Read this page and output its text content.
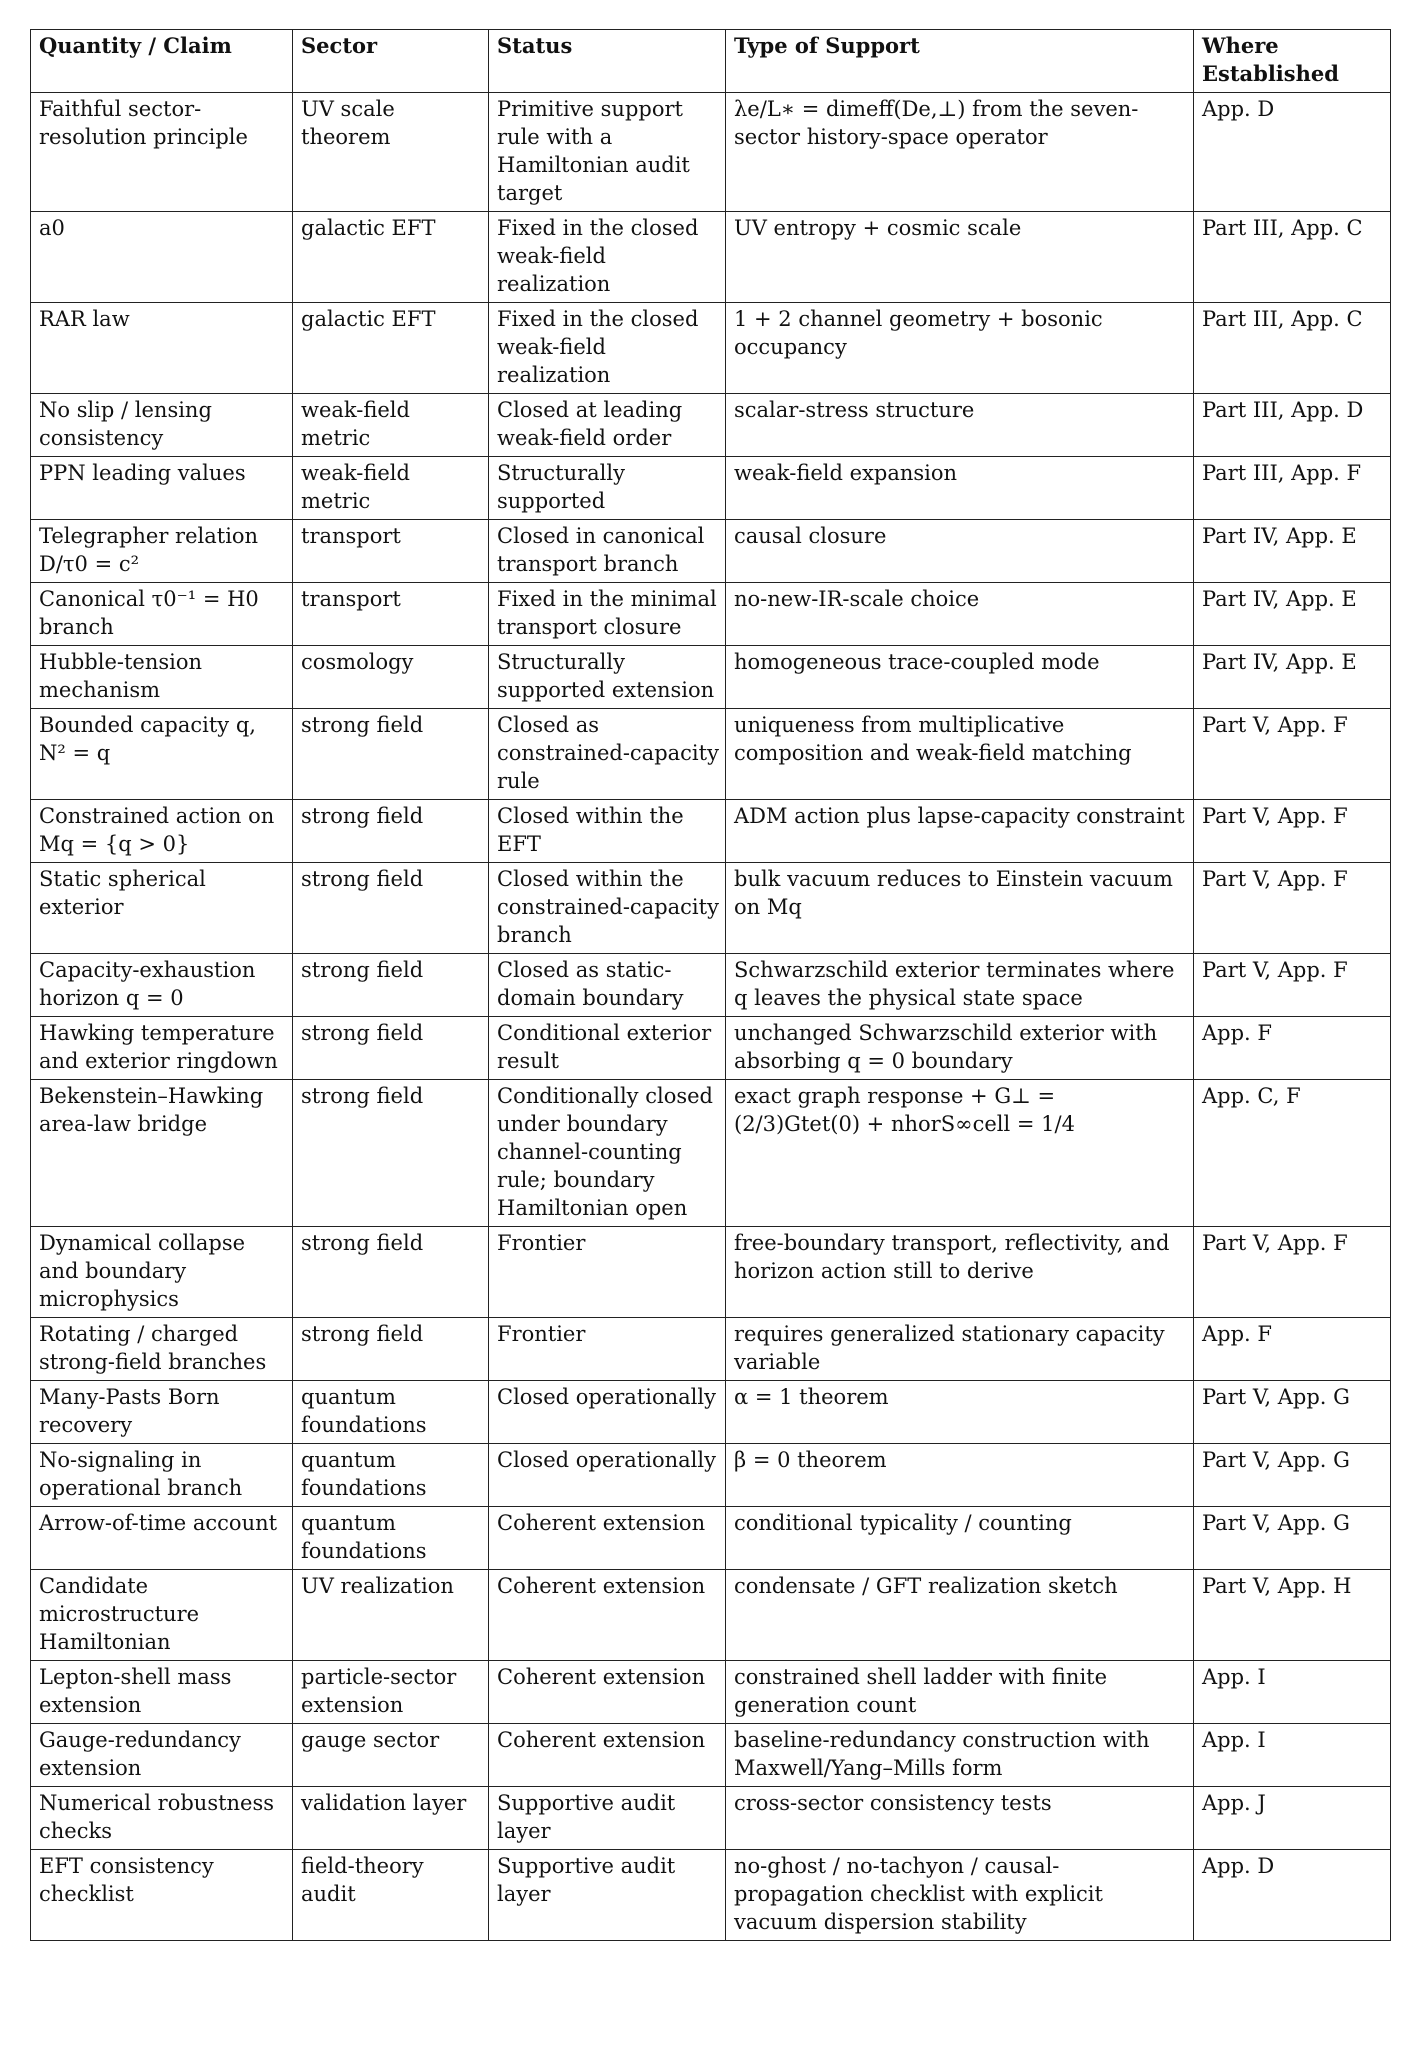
Quantity / Claim	Sector	Status	Type of Support	Where Established
Faithful sector-resolution principle	UV scale theorem	Primitive support rule with a Hamiltonian audit target	λe/L∗ = dimeff(De,⊥) from the seven-sector history-space operator	App. D
a0	galactic EFT	Fixed in the closed weak-field realization	UV entropy + cosmic scale	Part III, App. C
RAR law	galactic EFT	Fixed in the closed weak-field realization	1 + 2 channel geometry + bosonic occupancy	Part III, App. C
No slip / lensing consistency	weak-field metric	Closed at leading weak-field order	scalar-stress structure	Part III, App. D
PPN leading values	weak-field metric	Structurally supported	weak-field expansion	Part III, App. F
Telegrapher relation D/τ0 = c²	transport	Closed in canonical transport branch	causal closure	Part IV, App. E
Canonical τ0⁻¹ = H0 branch	transport	Fixed in the minimal transport closure	no-new-IR-scale choice	Part IV, App. E
Hubble-tension mechanism	cosmology	Structurally supported extension	homogeneous trace-coupled mode	Part IV, App. E
Bounded capacity q, N² = q	strong field	Closed as constrained-capacity rule	uniqueness from multiplicative composition and weak-field matching	Part V, App. F
Constrained action on Mq = {q > 0}	strong field	Closed within the EFT	ADM action plus lapse-capacity constraint	Part V, App. F
Static spherical exterior	strong field	Closed within the constrained-capacity branch	bulk vacuum reduces to Einstein vacuum on Mq	Part V, App. F
Capacity-exhaustion horizon q = 0	strong field	Closed as static-domain boundary	Schwarzschild exterior terminates where q leaves the physical state space	Part V, App. F
Hawking temperature and exterior ringdown	strong field	Conditional exterior result	unchanged Schwarzschild exterior with absorbing q = 0 boundary	App. F
Bekenstein–Hawking area-law bridge	strong field	Conditionally closed under boundary channel-counting rule; boundary Hamiltonian open	exact graph response + G⊥ = (2/3)Gtet(0) + nhorS∞cell = 1/4	App. C, F
Dynamical collapse and boundary microphysics	strong field	Frontier	free-boundary transport, reflectivity, and horizon action still to derive	Part V, App. F
Rotating / charged strong-field branches	strong field	Frontier	requires generalized stationary capacity variable	App. F
Many-Pasts Born recovery	quantum foundations	Closed operationally	α = 1 theorem	Part V, App. G
No-signaling in operational branch	quantum foundations	Closed operationally	β = 0 theorem	Part V, App. G
Arrow-of-time account	quantum foundations	Coherent extension	conditional typicality / counting	Part V, App. G
Candidate microstructure Hamiltonian	UV realization	Coherent extension	condensate / GFT realization sketch	Part V, App. H
Lepton-shell mass extension	particle-sector extension	Coherent extension	constrained shell ladder with finite generation count	App. I
Gauge-redundancy extension	gauge sector	Coherent extension	baseline-redundancy construction with Maxwell/Yang–Mills form	App. I
Numerical robustness checks	validation layer	Supportive audit layer	cross-sector consistency tests	App. J
EFT consistency checklist	field-theory audit	Supportive audit layer	no-ghost / no-tachyon / causal-propagation checklist with explicit vacuum dispersion stability	App. D
